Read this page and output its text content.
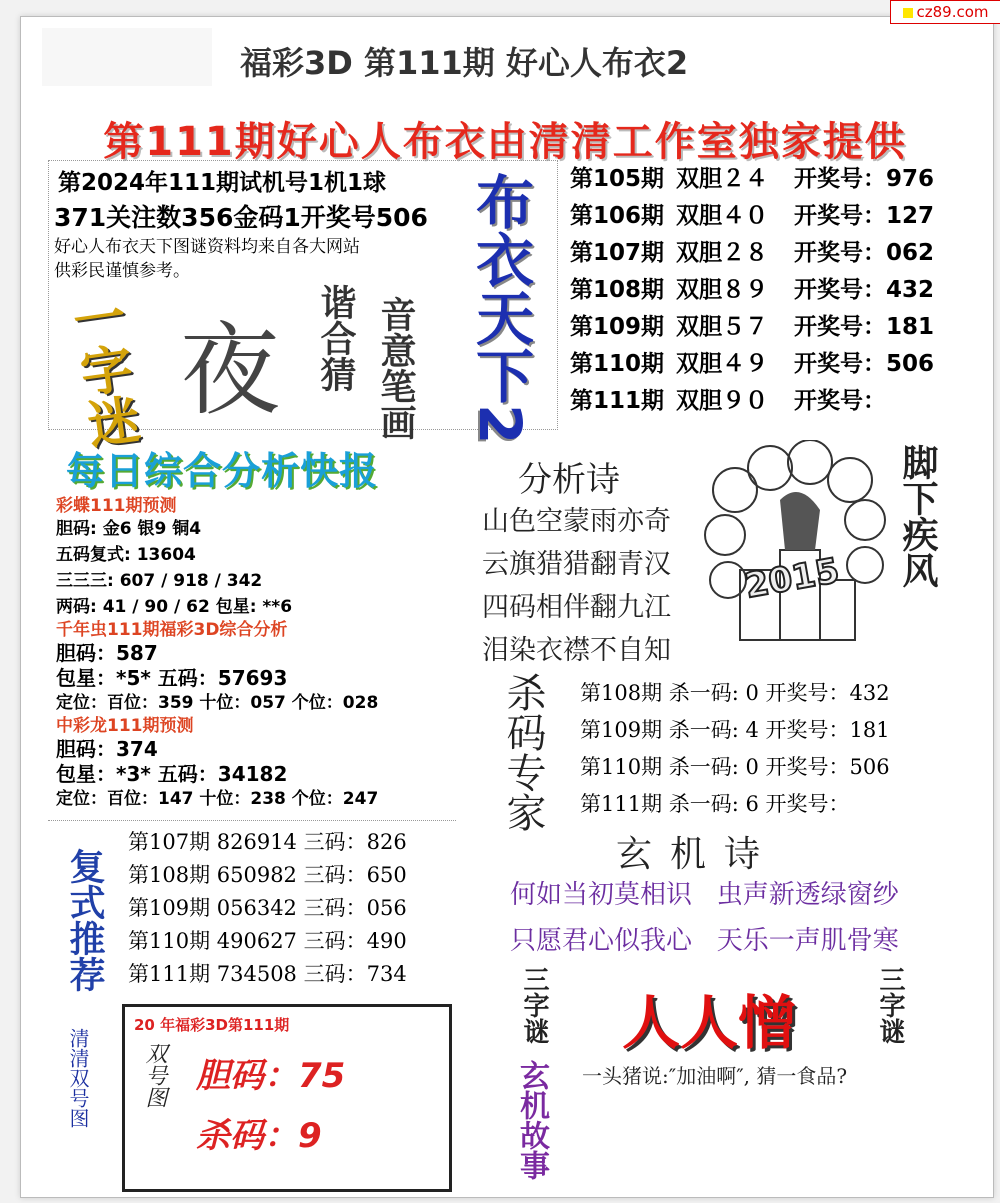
cz89.com
福彩3D 第111期 好心人布衣2
第111期好心人布衣由清清工作室独家提供
第2024年111期试机号1机1球
371关注数356金码1开奖号506
好心人布衣天下图谜资料均来自各大网站
供彩民谨慎参考。
一字迷 夜 谐合猜 音意笔画 布衣天下2 第105期 双胆２４ 开奖号：976
第106期 双胆４０ 开奖号：127
第107期 双胆２８ 开奖号：062
第108期 双胆８９ 开奖号：432
第109期 双胆５７ 开奖号：181
第110期 双胆４９ 开奖号：506
第111期 双胆９０ 开奖号：
每日综合分析快报
彩蝶111期预测
胆码: 金6 银9 铜4
五码复式: 13604
三三三: 607 / 918 / 342
两码: 41 / 90 / 62 包星: **6
千年虫111期福彩3D综合分析
胆码：587
包星：*5* 五码：57693
定位：百位：359 十位：057 个位：028
中彩龙111期预测
胆码：374
包星：*3* 五码：34182
定位：百位：147 十位：238 个位：247
分析诗
山色空蒙雨亦奇
云旗猎猎翻青汉
四码相伴翻九江
泪染衣襟不自知
2015 脚下疾风
杀码专家 第108期 杀一码: 0 开奖号：432
第109期 杀一码: 4 开奖号：181
第110期 杀一码: 0 开奖号：506
第111期 杀一码: 6 开奖号：
玄机诗
何如当初莫相识   虫声新透绿窗纱
只愿君心似我心   天乐一声肌骨寒
复式推荐
第107期 826914 三码：826
第108期 650982 三码：650
第109期 056342 三码：056
第110期 490627 三码：490
第111期 734508 三码：734
清清双号图
20 年福彩3D第111期
双号图 胆码：75
杀码：9
三字谜
玄机故事
人人憎	三字谜
一头猪说:″加油啊″, 猜一食品?
